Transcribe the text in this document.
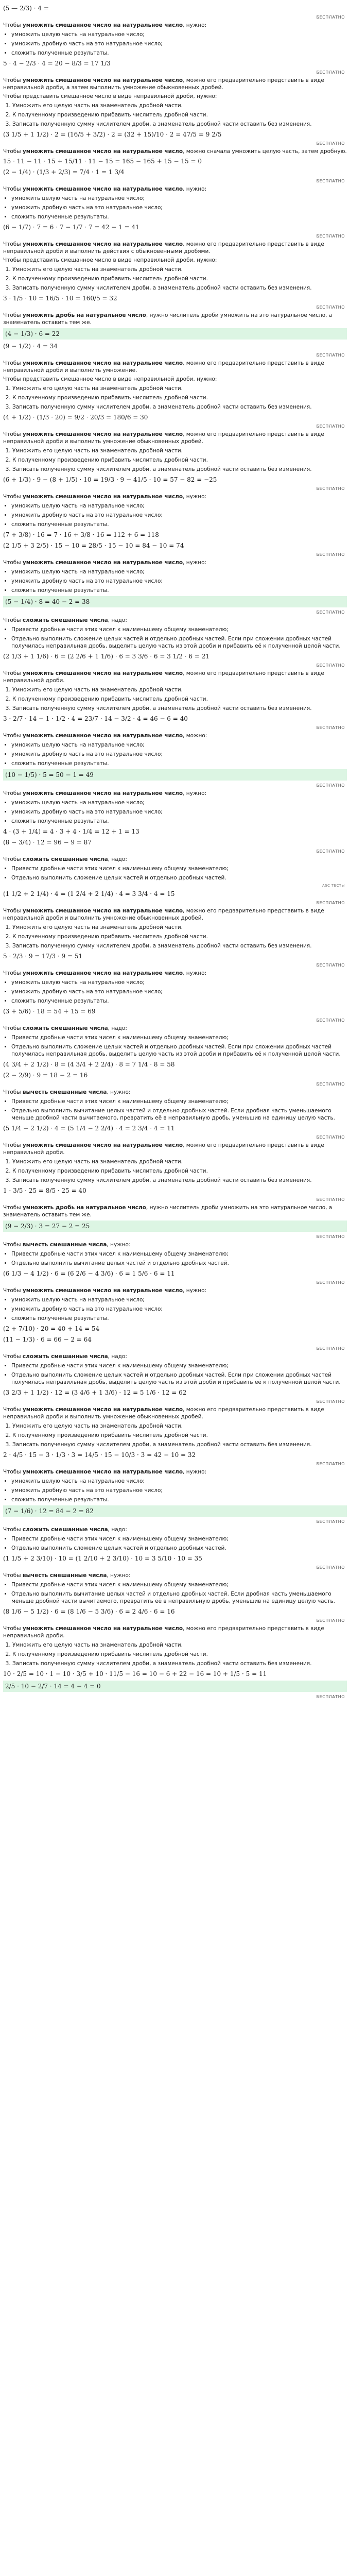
(5 — 2/3) · 4 =
БЕСПЛАТНО

Чтобы умножить смешанное число на натуральное число, нужно:

• умножить целую часть на натуральное число;
• умножить дробную часть на это натуральное число;
• сложить полученные результаты.
5 · 4 − 2/3 · 4 = 20 − 8/3 = 17 1/3
БЕСПЛАТНО

Чтобы умножить смешанное число на натуральное число, можно его предварительно представить в виде неправильной дроби, а затем выполнить умножение обыкновенных дробей.

Чтобы представить смешанное число в виде неправильной дроби, нужно:

1. Умножить его целую часть на знаменатель дробной части.
2. К полученному произведению прибавить числитель дробной части.
3. Записать полученную сумму числителем дроби, а знаменатель дробной части оставить без изменения.
(3 1/5 + 1 1/2) · 2 = (16/5 + 3/2) · 2 = (32 + 15)/10 · 2 = 47/5 = 9 2/5
БЕСПЛАТНО

Чтобы умножить смешанное число на натуральное число, можно сначала умножить целую часть, затем дробную.

15 · 11 − 11 · 15 + 15/11 · 11 − 15 = 165 − 165 + 15 − 15 = 0
(2 − 1/4) · (1/3 + 2/3) = 7/4 · 1 = 1 3/4
БЕСПЛАТНО

Чтобы умножить смешанное число на натуральное число, нужно:

• умножить целую часть на натуральное число;
• умножить дробную часть на это натуральное число;
• сложить полученные результаты.
(6 − 1/7) · 7 = 6 · 7 − 1/7 · 7 = 42 − 1 = 41
БЕСПЛАТНО

Чтобы умножить смешанное число на натуральное число, можно его предварительно представить в виде неправильной дроби и выполнить действия с обыкновенными дробями.

Чтобы представить смешанное число в виде неправильной дроби, нужно:

1. Умножить его целую часть на знаменатель дробной части.
2. К полученному произведению прибавить числитель дробной части.
3. Записать полученную сумму числителем дроби, а знаменатель дробной части оставить без изменения.
3 · 1/5 · 10 = 16/5 · 10 = 160/5 = 32
БЕСПЛАТНО

Чтобы умножить дробь на натуральное число, нужно числитель дроби умножить на это натуральное число, а знаменатель оставить тем же.

(4 − 1/3) · 6 = 22
(9 − 1/2) · 4 = 34
БЕСПЛАТНО

Чтобы умножить смешанное число на натуральное число, можно его предварительно представить в виде неправильной дроби и выполнить умножение.

Чтобы представить смешанное число в виде неправильной дроби, нужно:

1. Умножить его целую часть на знаменатель дробной части.
2. К полученному произведению прибавить числитель дробной части.
3. Записать полученную сумму числителем дроби, а знаменатель дробной части оставить без изменения.
(4 + 1/2) · (1/3 · 20) = 9/2 · 20/3 = 180/6 = 30
БЕСПЛАТНО

Чтобы умножить смешанное число на натуральное число, можно его предварительно представить в виде неправильной дроби и выполнить умножение обыкновенных дробей.

1. Умножить его целую часть на знаменатель дробной части.
2. К полученному произведению прибавить числитель дробной части.
3. Записать полученную сумму числителем дроби, а знаменатель дробной части оставить без изменения.
(6 + 1/3) · 9 − (8 + 1/5) · 10 = 19/3 · 9 − 41/5 · 10 = 57 − 82 = −25
БЕСПЛАТНО

Чтобы умножить смешанное число на натуральное число, нужно:

• умножить целую часть на натуральное число;
• умножить дробную часть на это натуральное число;
• сложить полученные результаты.
(7 + 3/8) · 16 = 7 · 16 + 3/8 · 16 = 112 + 6 = 118
(2 1/5 + 3 2/5) · 15 − 10 = 28/5 · 15 − 10 = 84 − 10 = 74
БЕСПЛАТНО

Чтобы умножить смешанное число на натуральное число, нужно:

• умножить целую часть на натуральное число;
• умножить дробную часть на это натуральное число;
• сложить полученные результаты.
(5 − 1/4) · 8 = 40 − 2 = 38
БЕСПЛАТНО

Чтобы сложить смешанные числа, надо:

• Привести дробные части этих чисел к наименьшему общему знаменателю;
• Отдельно выполнить сложение целых частей и отдельно дробных частей. Если при сложении дробных частей получилась неправильная дробь, выделить целую часть из этой дроби и прибавить её к полученной целой части.
(2 1/3 + 1 1/6) · 6 = (2 2/6 + 1 1/6) · 6 = 3 3/6 · 6 = 3 1/2 · 6 = 21
БЕСПЛАТНО

Чтобы умножить смешанное число на натуральное число, можно его предварительно представить в виде неправильной дроби.

1. Умножить его целую часть на знаменатель дробной части.
2. К полученному произведению прибавить числитель дробной части.
3. Записать полученную сумму числителем дроби, а знаменатель дробной части оставить без изменения.
3 · 2/7 · 14 − 1 · 1/2 · 4 = 23/7 · 14 − 3/2 · 4 = 46 − 6 = 40
БЕСПЛАТНО

Чтобы умножить смешанное число на натуральное число, можно:

• умножить целую часть на натуральное число;
• умножить дробную часть на это натуральное число;
• сложить полученные результаты.
(10 − 1/5) · 5 = 50 − 1 = 49
БЕСПЛАТНО

Чтобы умножить смешанное число на натуральное число, нужно:

• умножить целую часть на натуральное число;
• умножить дробную часть на это натуральное число;
• сложить полученные результаты.
4 · (3 + 1/4) = 4 · 3 + 4 · 1/4 = 12 + 1 = 13
(8 − 3/4) · 12 = 96 − 9 = 87
БЕСПЛАТНО

Чтобы сложить смешанные числа, надо:

• Привести дробные части этих чисел к наименьшему общему знаменателю;
• Отдельно выполнить сложение целых частей и отдельно дробных частей.
ASC ТЕСТЫ
(1 1/2 + 2 1/4) · 4 = (1 2/4 + 2 1/4) · 4 = 3 3/4 · 4 = 15
БЕСПЛАТНО

Чтобы умножить смешанное число на натуральное число, можно его предварительно представить в виде неправильной дроби и выполнить умножение обыкновенных дробей.

1. Умножить его целую часть на знаменатель дробной части.
2. К полученному произведению прибавить числитель дробной части.
3. Записать полученную сумму числителем дроби, а знаменатель дробной части оставить без изменения.
5 · 2/3 · 9 = 17/3 · 9 = 51
БЕСПЛАТНО

Чтобы умножить смешанное число на натуральное число, нужно:

• умножить целую часть на натуральное число;
• умножить дробную часть на это натуральное число;
• сложить полученные результаты.
(3 + 5/6) · 18 = 54 + 15 = 69
БЕСПЛАТНО

Чтобы сложить смешанные числа, надо:

• Привести дробные части этих чисел к наименьшему общему знаменателю;
• Отдельно выполнить сложение целых частей и отдельно дробных частей. Если при сложении дробных частей получилась неправильная дробь, выделить целую часть из этой дроби и прибавить её к полученной целой части.
(4 3/4 + 2 1/2) · 8 = (4 3/4 + 2 2/4) · 8 = 7 1/4 · 8 = 58
(2 − 2/9) · 9 = 18 − 2 = 16
БЕСПЛАТНО

Чтобы вычесть смешанные числа, нужно:

• Привести дробные части этих чисел к наименьшему общему знаменателю;
• Отдельно выполнить вычитание целых частей и отдельно дробных частей. Если дробная часть уменьшаемого меньше дробной части вычитаемого, превратить её в неправильную дробь, уменьшив на единицу целую часть.
(5 1/4 − 2 1/2) · 4 = (5 1/4 − 2 2/4) · 4 = 2 3/4 · 4 = 11
БЕСПЛАТНО

Чтобы умножить смешанное число на натуральное число, можно его предварительно представить в виде неправильной дроби.

1. Умножить его целую часть на знаменатель дробной части.
2. К полученному произведению прибавить числитель дробной части.
3. Записать полученную сумму числителем дроби, а знаменатель дробной части оставить без изменения.
1 · 3/5 · 25 = 8/5 · 25 = 40
БЕСПЛАТНО

Чтобы умножить дробь на натуральное число, нужно числитель дроби умножить на это натуральное число, а знаменатель оставить тем же.

(9 − 2/3) · 3 = 27 − 2 = 25
БЕСПЛАТНО

Чтобы вычесть смешанные числа, нужно:

• Привести дробные части этих чисел к наименьшему общему знаменателю;
• Отдельно выполнить вычитание целых частей и отдельно дробных частей.
(6 1/3 − 4 1/2) · 6 = (6 2/6 − 4 3/6) · 6 = 1 5/6 · 6 = 11
БЕСПЛАТНО

Чтобы умножить смешанное число на натуральное число, нужно:

• умножить целую часть на натуральное число;
• умножить дробную часть на это натуральное число;
• сложить полученные результаты.
(2 + 7/10) · 20 = 40 + 14 = 54
(11 − 1/3) · 6 = 66 − 2 = 64
БЕСПЛАТНО

Чтобы сложить смешанные числа, надо:

• Привести дробные части этих чисел к наименьшему общему знаменателю;
• Отдельно выполнить сложение целых частей и отдельно дробных частей. Если при сложении дробных частей получилась неправильная дробь, выделить целую часть из этой дроби и прибавить её к полученной целой части.
(3 2/3 + 1 1/2) · 12 = (3 4/6 + 1 3/6) · 12 = 5 1/6 · 12 = 62
БЕСПЛАТНО

Чтобы умножить смешанное число на натуральное число, можно его предварительно представить в виде неправильной дроби и выполнить умножение обыкновенных дробей.

1. Умножить его целую часть на знаменатель дробной части.
2. К полученному произведению прибавить числитель дробной части.
3. Записать полученную сумму числителем дроби, а знаменатель дробной части оставить без изменения.
2 · 4/5 · 15 − 3 · 1/3 · 3 = 14/5 · 15 − 10/3 · 3 = 42 − 10 = 32
БЕСПЛАТНО

Чтобы умножить смешанное число на натуральное число, нужно:

• умножить целую часть на натуральное число;
• умножить дробную часть на это натуральное число;
• сложить полученные результаты.
(7 − 1/6) · 12 = 84 − 2 = 82
БЕСПЛАТНО

Чтобы сложить смешанные числа, надо:

• Привести дробные части этих чисел к наименьшему общему знаменателю;
• Отдельно выполнить сложение целых частей и отдельно дробных частей.
(1 1/5 + 2 3/10) · 10 = (1 2/10 + 2 3/10) · 10 = 3 5/10 · 10 = 35
БЕСПЛАТНО

Чтобы вычесть смешанные числа, нужно:

• Привести дробные части этих чисел к наименьшему общему знаменателю;
• Отдельно выполнить вычитание целых частей и отдельно дробных частей. Если дробная часть уменьшаемого меньше дробной части вычитаемого, превратить её в неправильную дробь, уменьшив на единицу целую часть.
(8 1/6 − 5 1/2) · 6 = (8 1/6 − 5 3/6) · 6 = 2 4/6 · 6 = 16
БЕСПЛАТНО

Чтобы умножить смешанное число на натуральное число, можно его предварительно представить в виде неправильной дроби.

1. Умножить его целую часть на знаменатель дробной части.
2. К полученному произведению прибавить числитель дробной части.
3. Записать полученную сумму числителем дроби, а знаменатель дробной части оставить без изменения.
10 · 2/5 = 10 · 1 − 10 · 3/5 + 10 · 11/5 − 16 = 10 − 6 + 22 − 16 = 10 + 1/5 · 5 = 11
2/5 · 10 − 2/7 · 14 = 4 − 4 = 0
БЕСПЛАТНО
